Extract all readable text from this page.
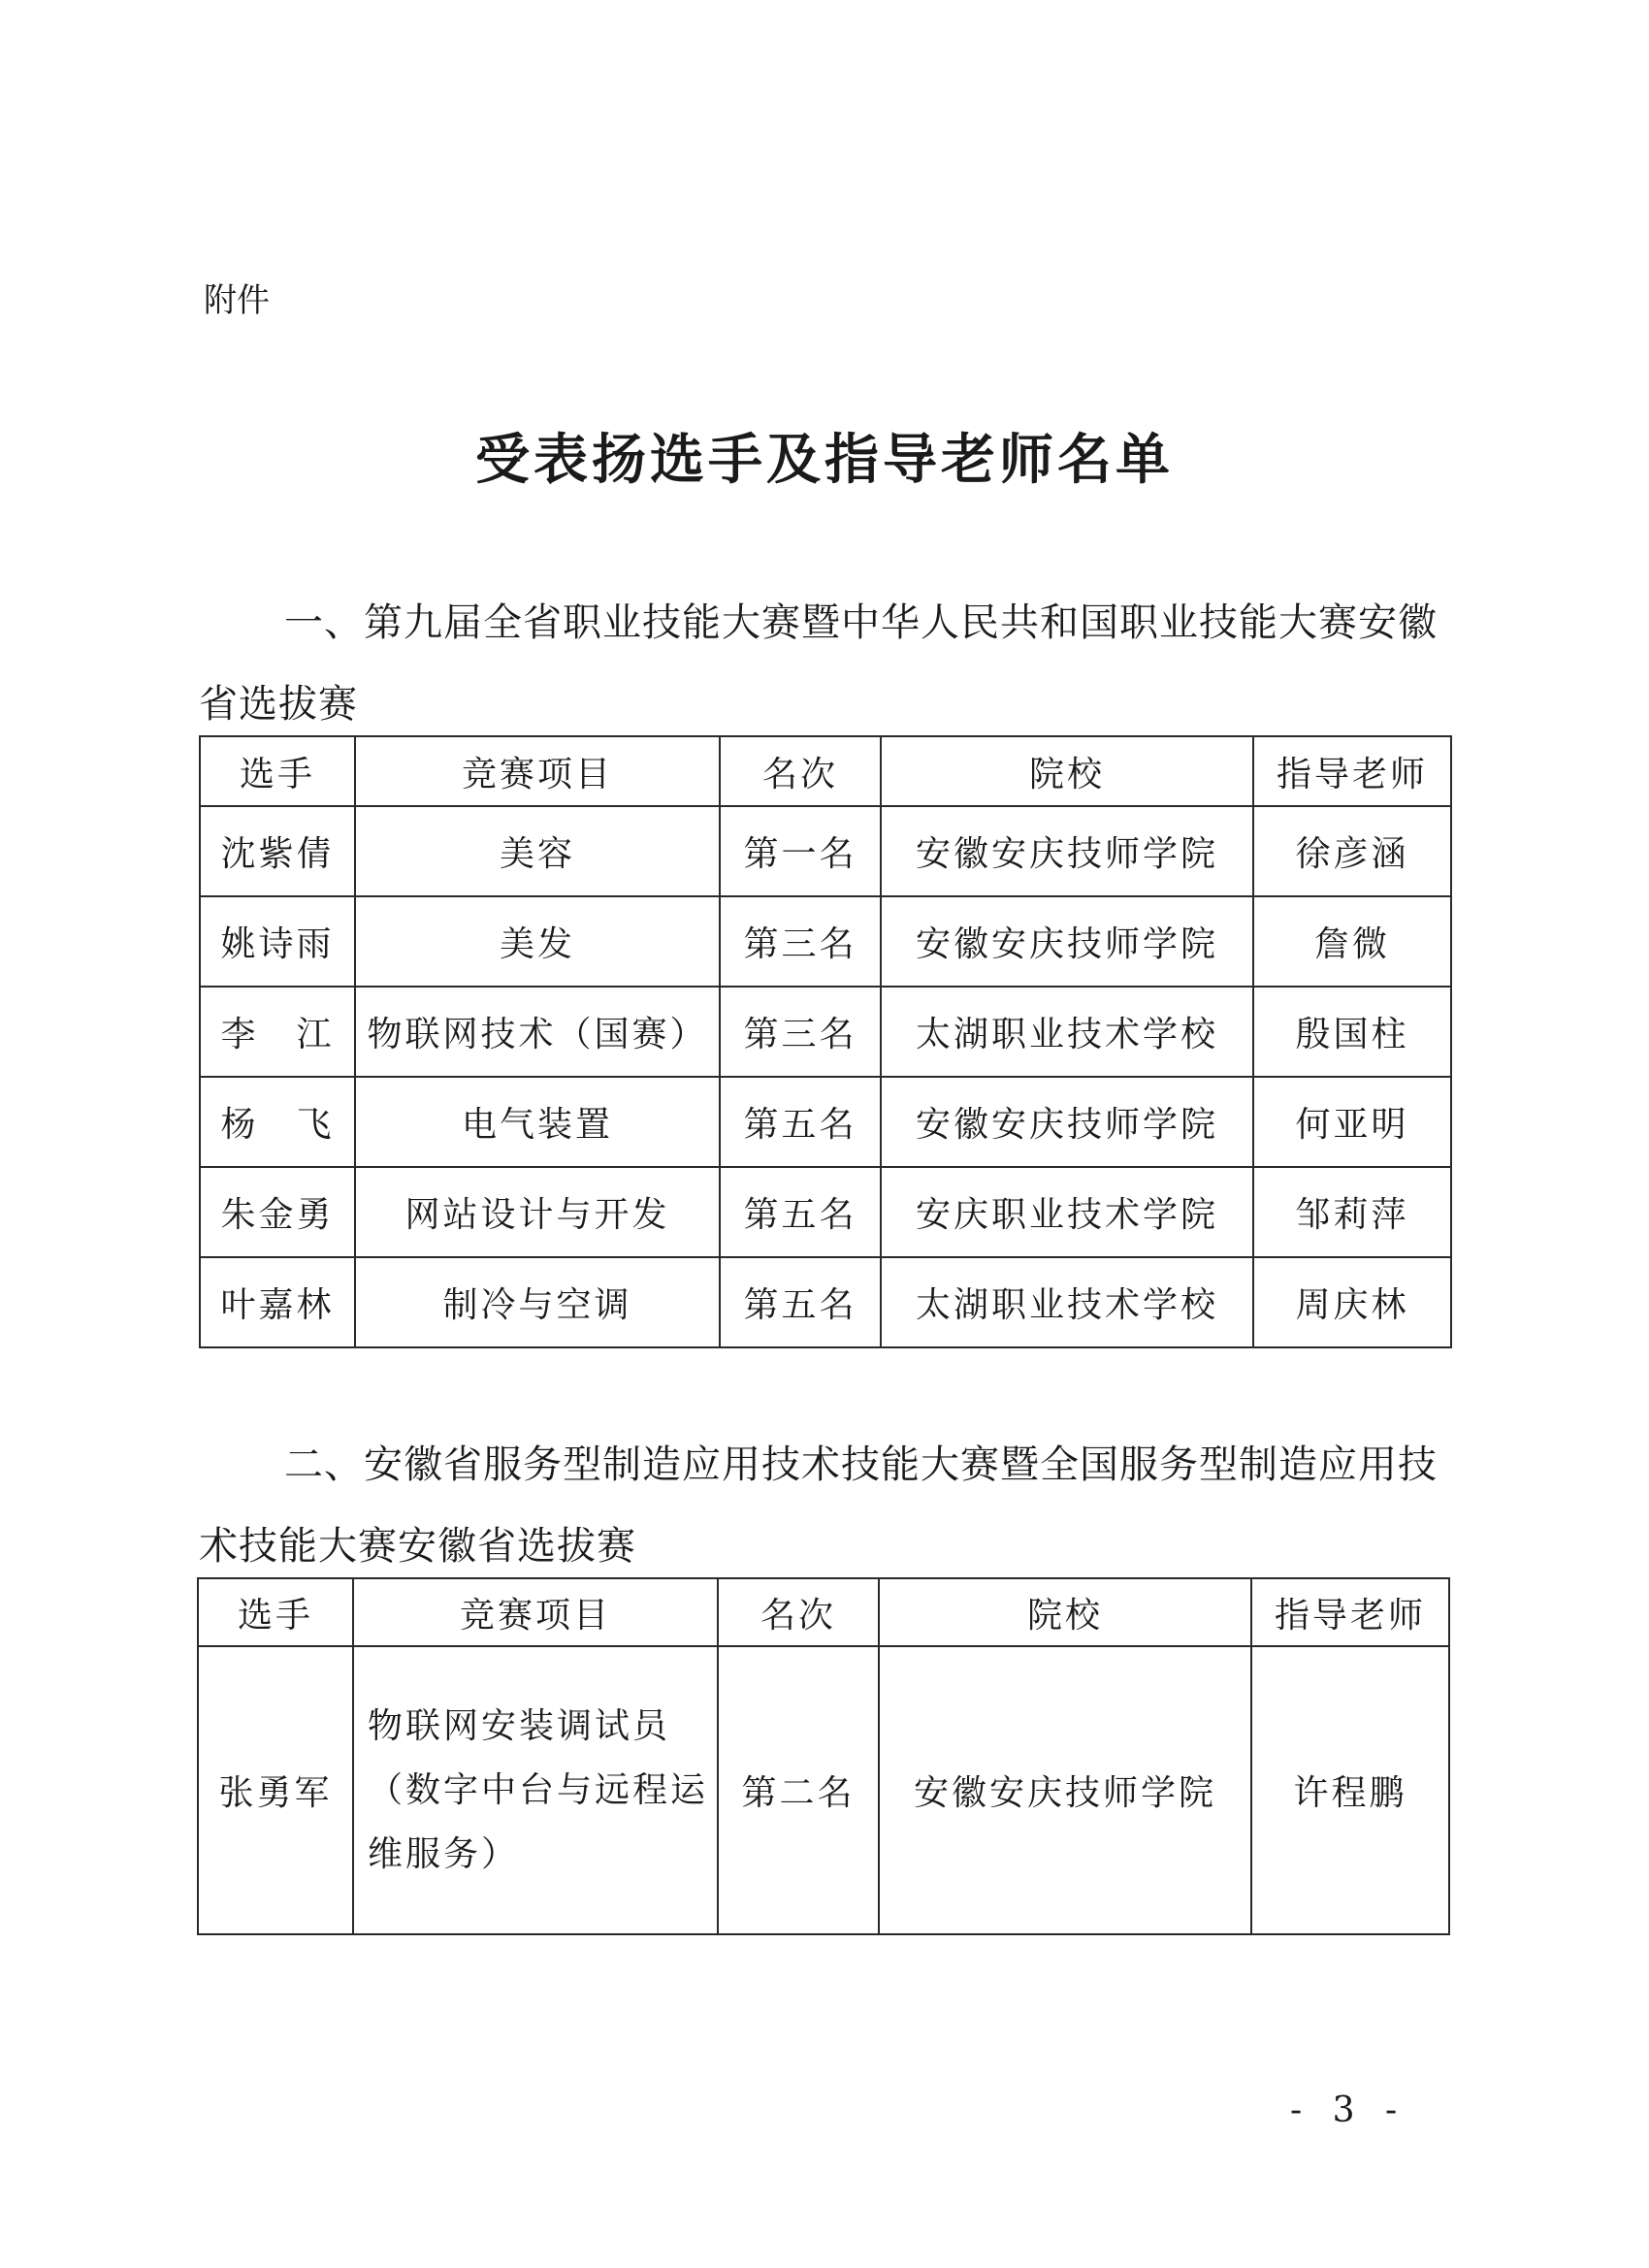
附件
受表扬选手及指导老师名单
一、第九届全省职业技能大赛暨中华人民共和国职业技能大赛安徽省选拔赛
选手	竞赛项目	名次	院校	指导老师
沈紫倩	美容	第一名	安徽安庆技师学院	徐彦涵
姚诗雨	美发	第三名	安徽安庆技师学院	詹微
李　江	物联网技术（国赛）	第三名	太湖职业技术学校	殷国柱
杨　飞	电气装置	第五名	安徽安庆技师学院	何亚明
朱金勇	网站设计与开发	第五名	安庆职业技术学院	邹莉萍
叶嘉林	制冷与空调	第五名	太湖职业技术学校	周庆林
二、安徽省服务型制造应用技术技能大赛暨全国服务型制造应用技术技能大赛安徽省选拔赛
选手	竞赛项目	名次	院校	指导老师
张勇军	物联网安装调试员（数字中台与远程运维服务）	第二名	安徽安庆技师学院	许程鹏
- 3 -
